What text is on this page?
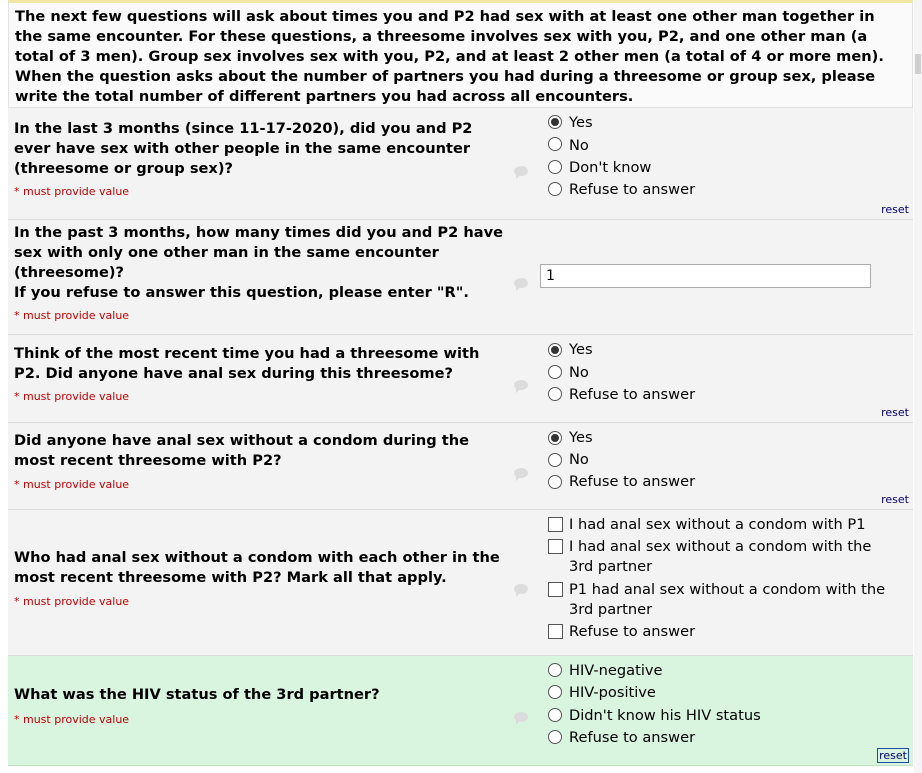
The next few questions will ask about times you and P2 had sex with at least one other man together in the same encounter. For these questions, a threesome involves sex with you, P2, and one other man (a total of 3 men). Group sex involves sex with you, P2, and at least 2 other men (a total of 4 or more men). When the question asks about the number of partners you had during a threesome or group sex, please write the total number of different partners you had across all encounters.
In the last 3 months (since 11-17-2020), did you and P2 ever have sex with other people in the same encounter (threesome or group sex)?
* must provide value
Yes
No
Don't know
Refuse to answer
reset
In the past 3 months, how many times did you and P2 have sex with only one other man in the same encounter (threesome)?
If you refuse to answer this question, please enter "R".
* must provide value
1
Think of the most recent time you had a threesome with P2. Did anyone have anal sex during this threesome?
* must provide value
Yes
No
Refuse to answer
reset
Did anyone have anal sex without a condom during the most recent threesome with P2?
* must provide value
Yes
No
Refuse to answer
reset
Who had anal sex without a condom with each other in the most recent threesome with P2? Mark all that apply.
* must provide value
I had anal sex without a condom with P1
I had anal sex without a condom with the 3rd partner
P1 had anal sex without a condom with the 3rd partner
Refuse to answer
What was the HIV status of the 3rd partner?
* must provide value
HIV-negative
HIV-positive
Didn't know his HIV status
Refuse to answer
reset
